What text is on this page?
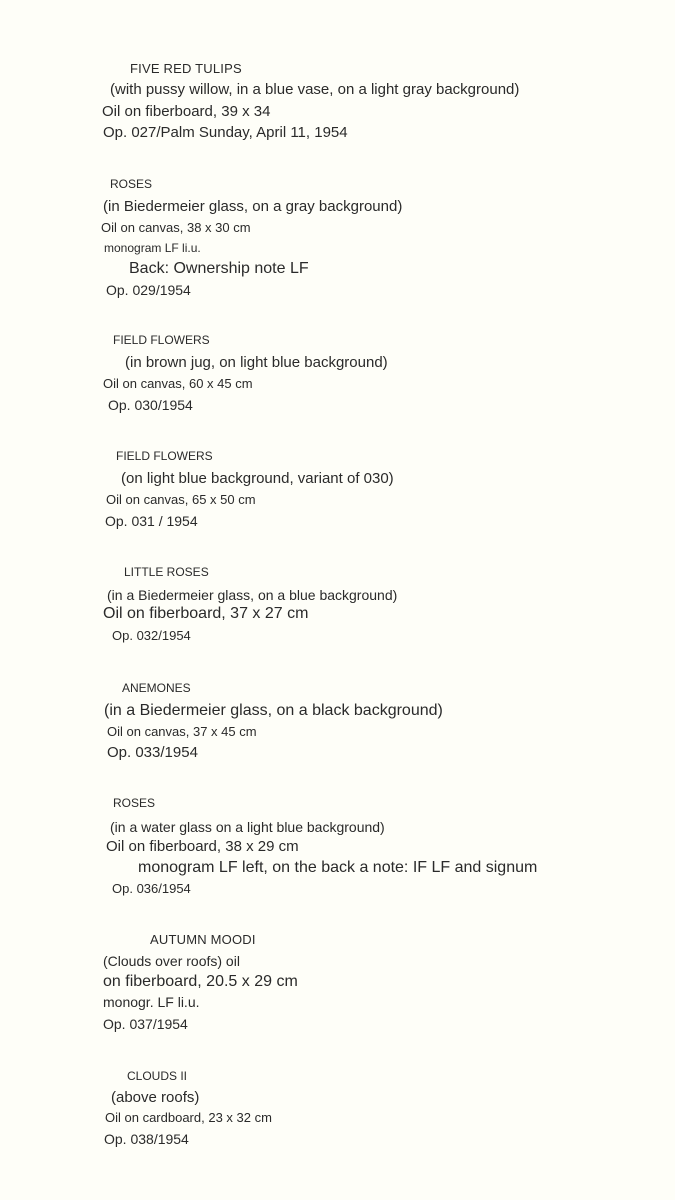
FIVE RED TULIPS
(with pussy willow, in a blue vase, on a light gray background)
Oil on fiberboard, 39 x 34
Op. 027/Palm Sunday, April 11, 1954
ROSES
(in Biedermeier glass, on a gray background)
Oil on canvas, 38 x 30 cm
monogram LF li.u.
Back: Ownership note LF
Op. 029/1954
FIELD FLOWERS
(in brown jug, on light blue background)
Oil on canvas, 60 x 45 cm
Op. 030/1954
FIELD FLOWERS
(on light blue background, variant of 030)
Oil on canvas, 65 x 50 cm
Op. 031 / 1954
LITTLE ROSES
(in a Biedermeier glass, on a blue background)
Oil on fiberboard, 37 x 27 cm
Op. 032/1954
ANEMONES
(in a Biedermeier glass, on a black background)
Oil on canvas, 37 x 45 cm
Op. 033/1954
ROSES
(in a water glass on a light blue background)
Oil on fiberboard, 38 x 29 cm
monogram LF left, on the back a note: IF LF and signum
Op. 036/1954
AUTUMN MOODI
(Clouds over roofs) oil
on fiberboard, 20.5 x 29 cm
monogr. LF li.u.
Op. 037/1954
CLOUDS II
(above roofs)
Oil on cardboard, 23 x 32 cm
Op. 038/1954
